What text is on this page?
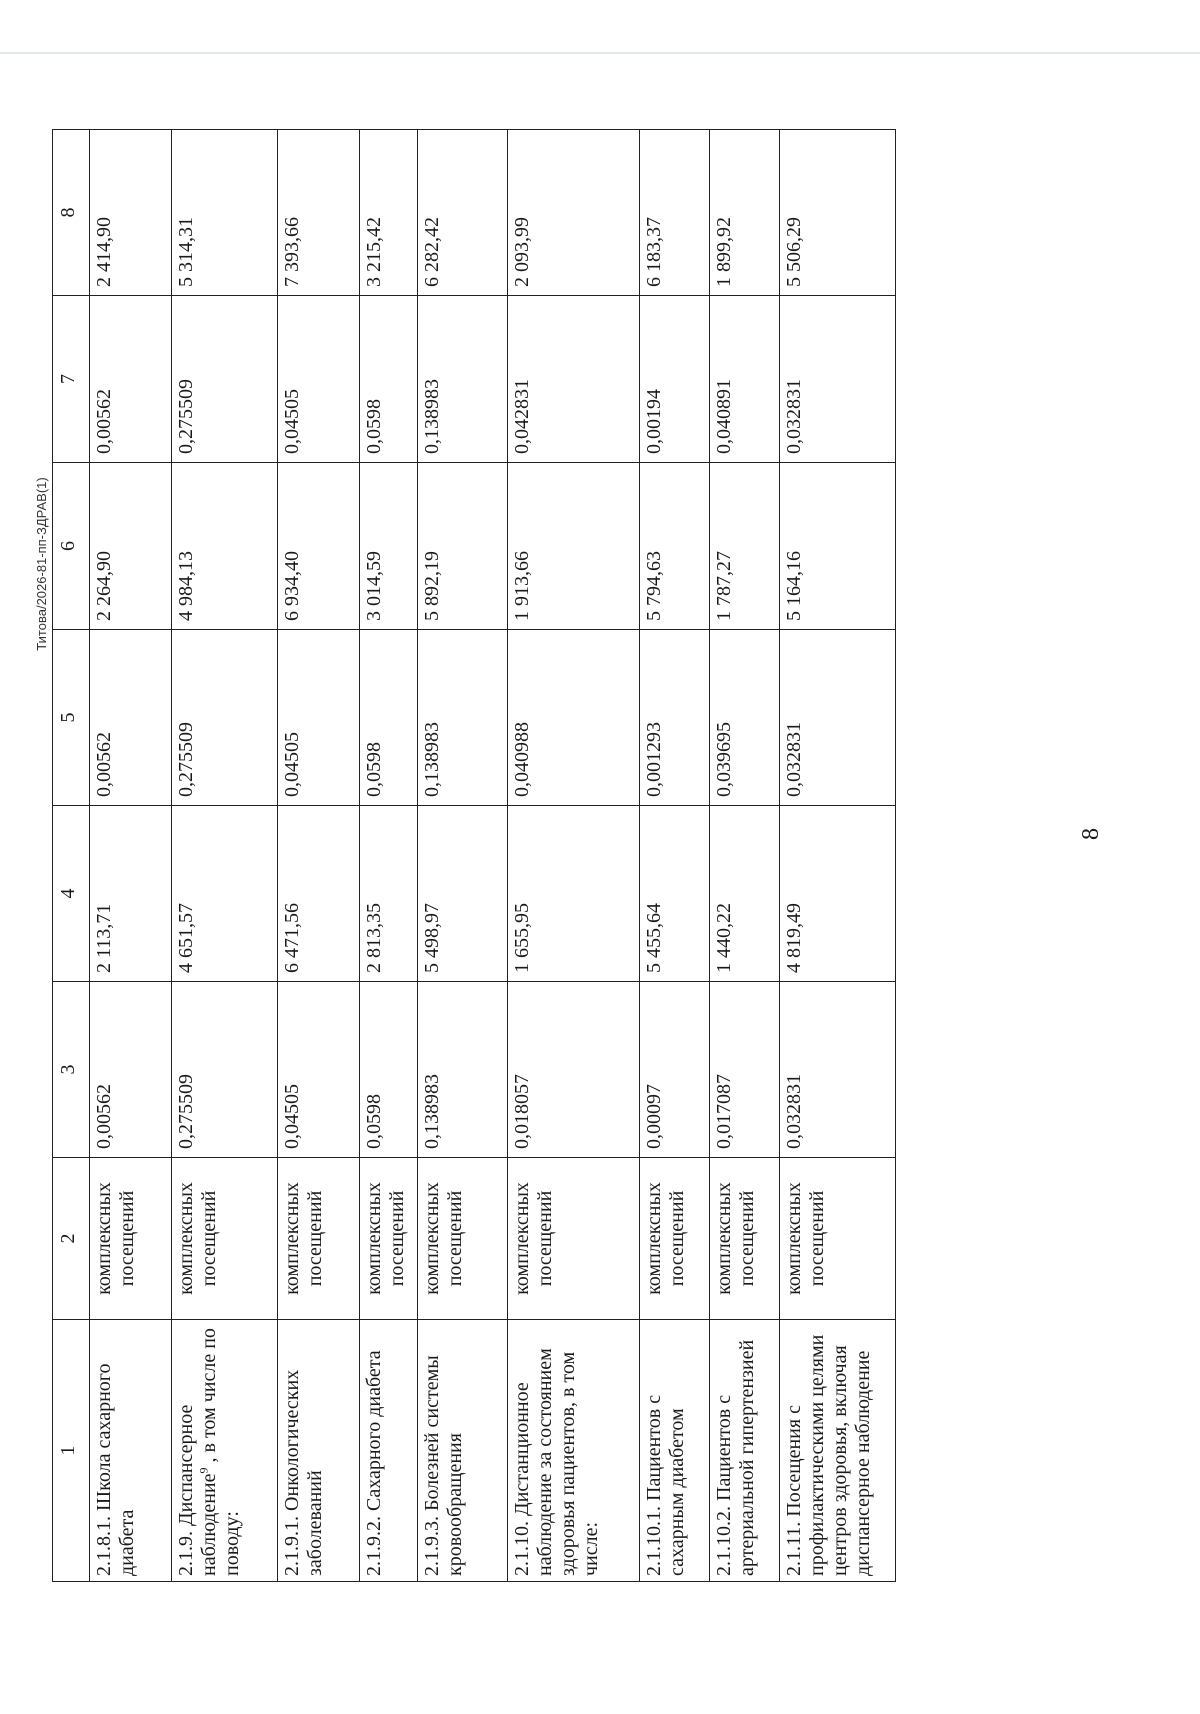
8
Титова/2026-81-пп-ЗДРАВ(1)
1	2	3	4	5	6	7	8
2.1.8.1. Школа сахарного диабета	комплексных посещений	0,00562	2 113,71	0,00562	2 264,90	0,00562	2 414,90
2.1.9. Диспансерное наблюдение$^9$ , в том числе по поводу:	комплексных посещений	0,275509	4 651,57	0,275509	4 984,13	0,275509	5 314,31
2.1.9.1. Онкологических заболеваний	комплексных посещений	0,04505	6 471,56	0,04505	6 934,40	0,04505	7 393,66
2.1.9.2. Сахарного диабета	комплексных посещений	0,0598	2 813,35	0,0598	3 014,59	0,0598	3 215,42
2.1.9.3. Болезней системы кровообращения	комплексных посещений	0,138983	5 498,97	0,138983	5 892,19	0,138983	6 282,42
2.1.10. Дистанционное наблюдение за состоянием здоровья пациентов, в том числе:	комплексных посещений	0,018057	1 655,95	0,040988	1 913,66	0,042831	2 093,99
2.1.10.1. Пациентов с сахарным диабетом	комплексных посещений	0,00097	5 455,64	0,001293	5 794,63	0,00194	6 183,37
2.1.10.2. Пациентов с артериальной гипертензией	комплексных посещений	0,017087	1 440,22	0,039695	1 787,27	0,040891	1 899,92
2.1.11. Посещения с профилактическими целями центров здоровья, включая диспансерное наблюдение	комплексных посещений	0,032831	4 819,49	0,032831	5 164,16	0,032831	5 506,29
